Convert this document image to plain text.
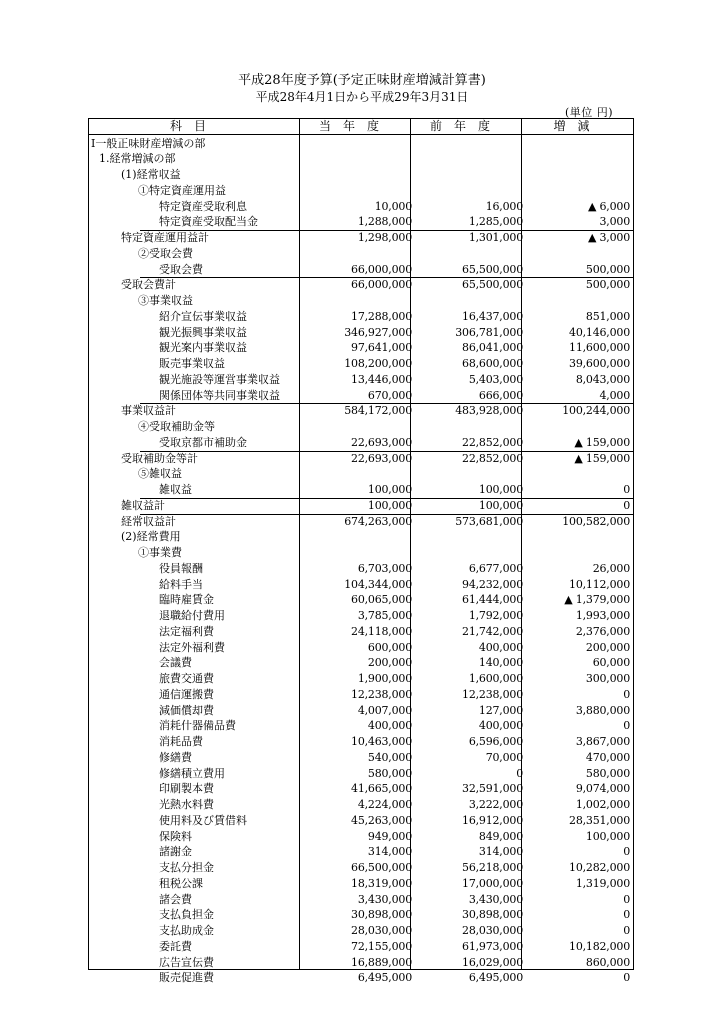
平成28年度予算(予定正味財産増減計算書)
平成28年4月1日から平成29年3月31日
(単位 円)
科目	当年度	前年度	増減
Ⅰ一般正味財産増減の部
1.経常増減の部
(1)経常収益
①特定資産運用益
特定資産受取利息	10,000	16,000	▲ 6,000
特定資産受取配当金	1,288,000	1,285,000	3,000
特定資産運用益計	1,298,000	1,301,000	▲ 3,000
②受取会費
受取会費	66,000,000	65,500,000	500,000
受取会費計	66,000,000	65,500,000	500,000
③事業収益
紹介宣伝事業収益	17,288,000	16,437,000	851,000
観光振興事業収益	346,927,000	306,781,000	40,146,000
観光案内事業収益	97,641,000	86,041,000	11,600,000
販売事業収益	108,200,000	68,600,000	39,600,000
観光施設等運営事業収益	13,446,000	5,403,000	8,043,000
関係団体等共同事業収益	670,000	666,000	4,000
事業収益計	584,172,000	483,928,000	100,244,000
④受取補助金等
受取京都市補助金	22,693,000	22,852,000	▲ 159,000
受取補助金等計	22,693,000	22,852,000	▲ 159,000
⑤雑収益
雑収益	100,000	100,000	0
雑収益計	100,000	100,000	0
経常収益計	674,263,000	573,681,000	100,582,000
(2)経常費用
①事業費
役員報酬	6,703,000	6,677,000	26,000
給料手当	104,344,000	94,232,000	10,112,000
臨時雇賃金	60,065,000	61,444,000	▲ 1,379,000
退職給付費用	3,785,000	1,792,000	1,993,000
法定福利費	24,118,000	21,742,000	2,376,000
法定外福利費	600,000	400,000	200,000
会議費	200,000	140,000	60,000
旅費交通費	1,900,000	1,600,000	300,000
通信運搬費	12,238,000	12,238,000	0
減価償却費	4,007,000	127,000	3,880,000
消耗什器備品費	400,000	400,000	0
消耗品費	10,463,000	6,596,000	3,867,000
修繕費	540,000	70,000	470,000
修繕積立費用	580,000	0	580,000
印刷製本費	41,665,000	32,591,000	9,074,000
光熱水料費	4,224,000	3,222,000	1,002,000
使用料及び賃借料	45,263,000	16,912,000	28,351,000
保険料	949,000	849,000	100,000
諸謝金	314,000	314,000	0
支払分担金	66,500,000	56,218,000	10,282,000
租税公課	18,319,000	17,000,000	1,319,000
諸会費	3,430,000	3,430,000	0
支払負担金	30,898,000	30,898,000	0
支払助成金	28,030,000	28,030,000	0
委託費	72,155,000	61,973,000	10,182,000
広告宣伝費	16,889,000	16,029,000	860,000
販売促進費	6,495,000	6,495,000	0
